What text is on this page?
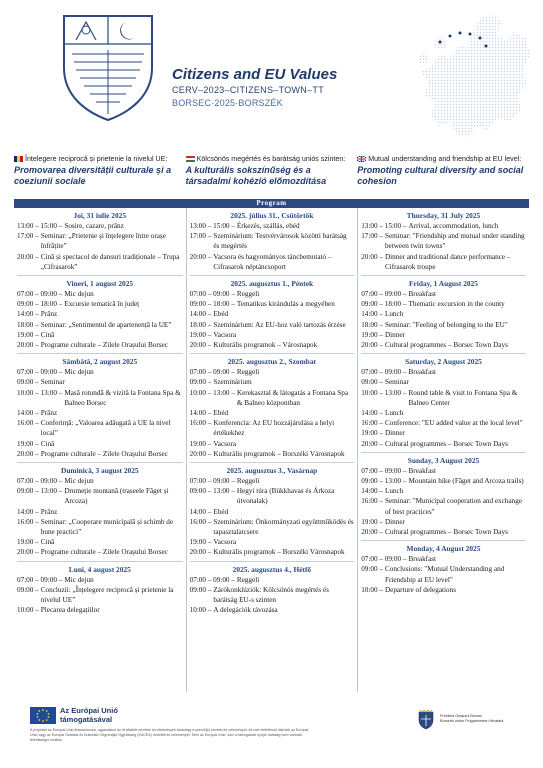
Citizens and EU Values
CERV–2023–CITIZENS–TOWN–TT
BORSEC·2025·BORSZÉK
Înțelegere reciprocă și prietenie la nivelul UE:
Promovarea diversității culturale și a coeziunii sociale
Kölcsönös megértés és barátság uniós szinten:
A kulturális sokszínűség és a társadalmi kohézió előmozdítása
Mutual understanding and friendship at EU level:
Promoting cultural diversity and social cohesion
Program
Joi, 31 iulie 2025
13:00 – 15:00 – Sosire, cazare, prânz
17:00 – Seminar: „Prietenie și înțelegere între orașe înfrățite”
20:00 – Cină și spectacol de dansuri tradiționale – Trupa „Cifrasarok”
Vineri, 1 august 2025
07:00 – 09:00 – Mic dejun
09:00 – 18:00 – Excursie tematică în județ
14:00 – Prânz
18:00 – Seminar: „Sentimentul de apartenență la UE”
19:00 – Cină
20:00 – Programe culturale – Zilele Orașului Borsec
Sâmbătă, 2 august 2025
07:00 – 09:00 – Mic dejun
09:00 – Seminar
10:00 – 13:00 – Masă rotundă & vizită la Fontana Spa & Balneo Borsec
14:00 – Prânz
16:00 – Conferință: „Valoarea adăugată a UE la nivel local”
19:00 – Cină
20:00 – Programe culturale – Zilele Orașului Borsec
Duminică, 3 august 2025
07:00 – 09:00 – Mic dejun
09:00 – 13:00 – Drumeție montană (traseele Făget și Arcoza)
14:00 – Prânz
16:00 – Seminar: „Cooperare municipală și schimb de bune practici”
19:00 – Cină
20:00 – Programe culturale – Zilele Orașului Borsec
Luni, 4 august 2025
07:00 – 09:00 – Mic dejun
09:00 – Concluzii: „Înțelegere reciprocă și prietenie la nivelul UE”
10:00 – Plecarea delegațiilor
2025. július 31., Csütörtök
13:00 – 15:00 – Érkezés, szállás, ebéd
17:00 – Szeminárium: Testvérvárosok közötti barátság és megértés
20:00 – Vacsora és hagyományos táncbemutató – Cifrasarok néptáncsoport
2025. augusztus 1., Péntek
07:00 – 09:00 – Reggeli
09:00 – 18:00 – Tematikus kirándulás a megyében
14:00 – Ebéd
18:00 – Szeminárium: Az EU-hoz való tartozás érzése
19:00 – Vacsora
20:00 – Kulturális programok – Városnapok
2025. augusztus 2., Szombat
07:00 – 09:00 – Reggeli
09:00 – Szeminárium
10:00 – 13:00 – Kerekasztal & látogatás a Fontana Spa & Balneo központban
14:00 – Ebéd
16:00 – Konferencia: Az EU hozzájárulása a helyi értékekhez
19:00 – Vacsora
20:00 – Kulturális programok – Borszéki Városnapok
2025. augusztus 3., Vasárnap
07:00 – 09:00 – Reggeli
09:00 – 13:00 – Hegyi túra (Bükkhavas és Árkoza útvonalak)
14:00 – Ebéd
16:00 – Szeminárium: Önkormányzati együttműködés és tapasztalatcsere
19:00 – Vacsora
20:00 – Kulturális programok – Borszéki Városnapok
2025. augusztus 4., Hétfő
07:00 – 09:00 – Reggeli
09:00 – Zárókonklúziók: Kölcsönös megértés és barátság EU-s szinten
10:00 – A delegációk távozása
Thursday, 31 July 2025
13:00 – 15:00 – Arrival, accommodation, lunch
17:00 – Seminar: "Friendship and mutual under standing between twin towns"
20:00 – Dinner and traditional dance performance – Cifrasarok troupe
Friday, 1 August 2025
07:00 – 09:00 – Breakfast
09:00 – 18:00 – Thematic excursion in the county
14:00 – Lunch
18:00 – Seminar: "Feeling of belonging to the EU"
19:00 – Dinner
20:00 – Cultural programmes – Borsec Town Days
Saturday, 2 August 2025
07:00 – 09:00 – Breakfast
09:00 – Seminar
10:00 – 13:00 – Round table & visit to Fontana Spa & Balneo Center
14:00 – Lunch
16:00 – Conference: "EU added value at the local level"
19:00 – Dinner
20:00 – Cultural programmes – Borsec Town Days
Sunday, 3 August 2025
07:00 – 09:00 – Breakfast
09:00 – 13:00 – Mountain hike (Făget and Arcoza trails)
14:00 – Lunch
16:00 – Seminar: "Municipal cooperation and exchange of best practices"
19:00 – Dinner
20:00 – Cultural programmes – Borsec Town Days
Monday, 4 August 2025
07:00 – 09:00 – Breakfast
09:00 – Conclusions: "Mutual Understanding and Friendship at EU level"
10:00 – Departure of delegations
Az Európai Unió
támogatásával
A projektet az Európai Unió finanszírozza, ugyanakkor az itt kifejtett nézetek és vélemények kizárólag a szerző(k) nézetei és véleményei, és nem feltétlenül tükrözik az Európai Unió vagy az Európai Oktatási és Kulturális Végrehajtó Ügynökség (EACEA) nézeteit és véleményét. Sem az Európai Unió, sem a támogatást nyújtó hatóság nem vonható felelősségre miattuk.
Primăria Orașului Borsec
Borszék város Polgármesteri Hivatala
